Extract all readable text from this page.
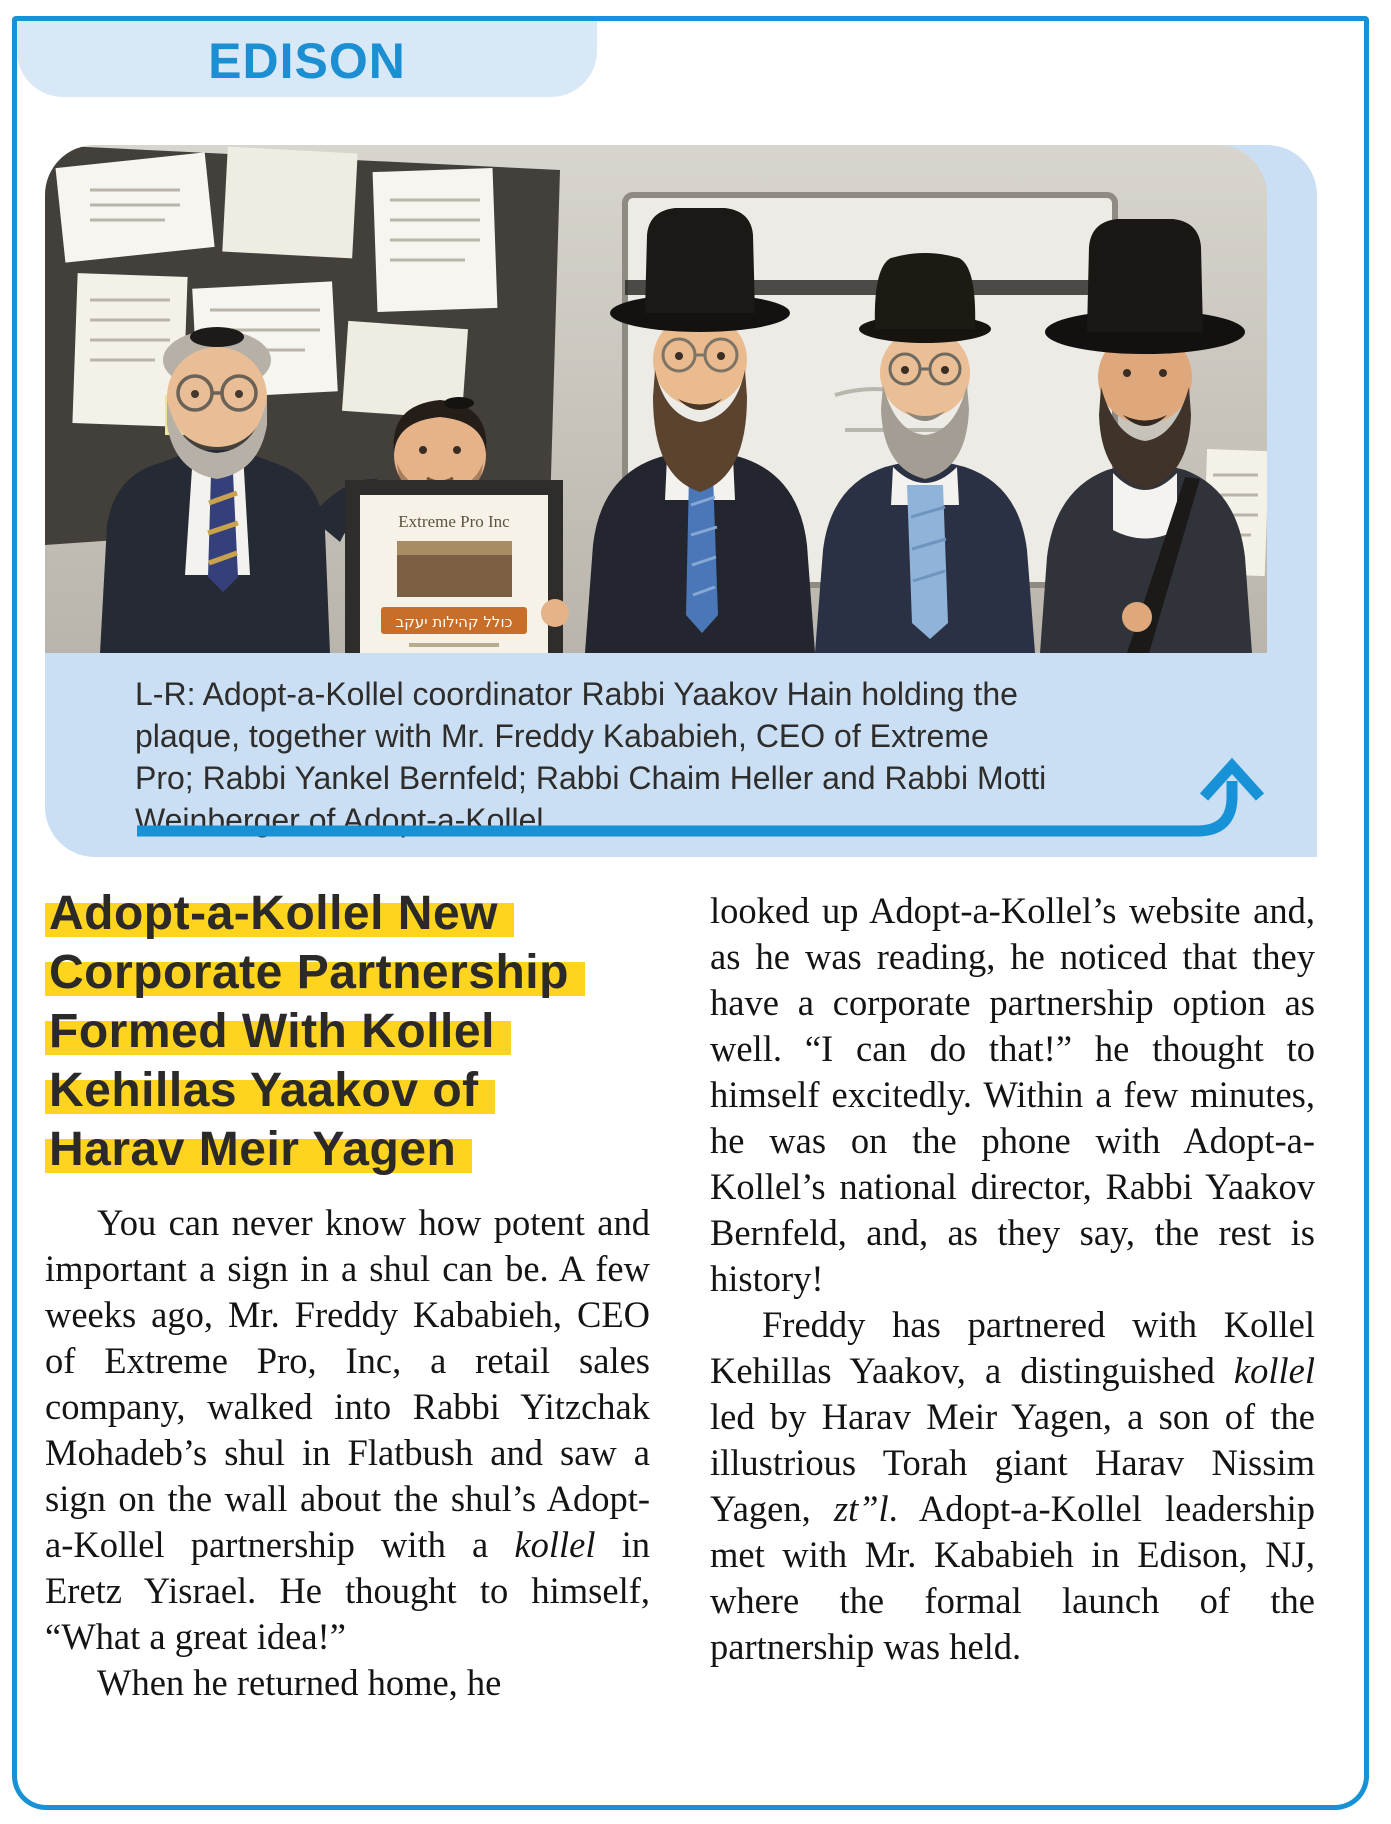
EDISON
Extreme Pro Inc
כולל קהילות יעקב
L-R: Adopt-a-Kollel coordinator Rabbi Yaakov Hain holding the
plaque, together with Mr. Freddy Kababieh, CEO of Extreme
Pro; Rabbi Yankel Bernfeld; Rabbi Chaim Heller and Rabbi Motti
Weinberger of Adopt-a-Kollel.
Adopt-a-Kollel New
Corporate Partnership
Formed With Kollel
Kehillas Yaakov of
Harav Meir Yagen

You can never know how potent and important a sign in a shul can be. A few weeks ago, Mr. Freddy Kababieh, CEO of Extreme Pro, Inc, a retail sales company, walked into Rabbi Yitzchak Mohadeb’s shul in Flatbush and saw a sign on the wall about the shul’s Adopt-a-Kollel partnership with a kollel in Eretz Yisrael. He thought to himself, “What a great idea!”

When he returned home, he

looked up Adopt-a-Kollel’s website and, as he was reading, he noticed that they have a corporate partnership option as well. “I can do that!” he thought to himself excitedly. Within a few minutes, he was on the phone with Adopt-a-Kollel’s national director, Rabbi Yaakov Bernfeld, and, as they say, the rest is history!

Freddy has partnered with Kollel Kehillas Yaakov, a distinguished kollel led by Harav Meir Yagen, a son of the illustrious Torah giant Harav Nissim Yagen, zt”l. Adopt-a-Kollel leadership met with Mr. Kababieh in Edison, NJ, where the formal launch of the partnership was held.
